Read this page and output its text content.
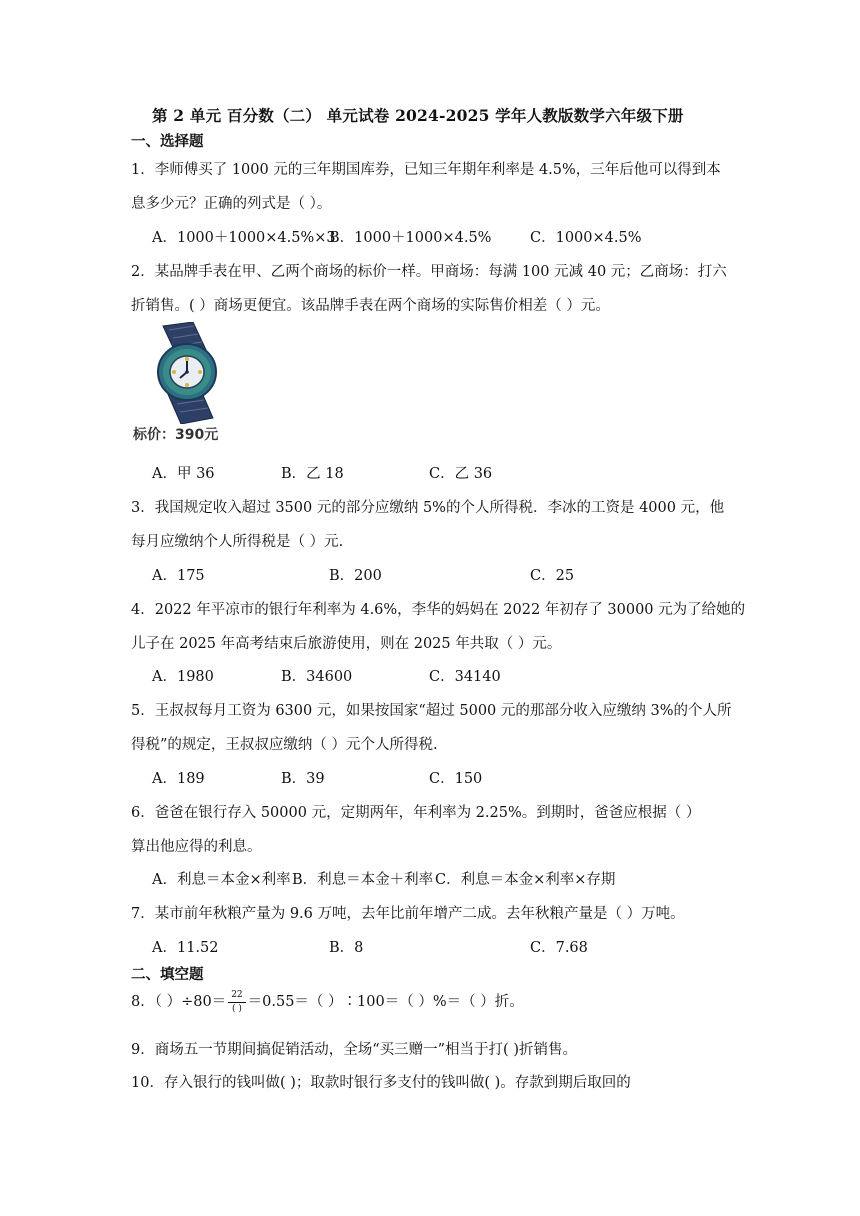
第 2 单元 百分数（二） 单元试卷 2024-2025 学年人教版数学六年级下册
一、选择题
1．李师傅买了 1000 元的三年期国库券，已知三年期年利率是 4.5%，三年后他可以得到本
息多少元？正确的列式是（ ）。
A．1000＋1000×4.5%×3
B．1000＋1000×4.5%	C．1000×4.5%
2．某品牌手表在甲、乙两个商场的标价一样。甲商场：每满 100 元减 40 元；乙商场：打六
折销售。( ）商场更便宜。该品牌手表在两个商场的实际售价相差（ ）元。
标价：390元
A．甲 36	B．乙 18	C．乙 36
3．我国规定收入超过 3500 元的部分应缴纳 5%的个人所得税．李冰的工资是 4000 元，他
每月应缴纳个人所得税是（ ）元.
A．175	B．200	C．25
4．2022 年平凉市的银行年利率为 4.6%，李华的妈妈在 2022 年初存了 30000 元为了给她的
儿子在 2025 年高考结束后旅游使用，则在 2025 年共取（ ）元。
A．1980	B．34600	C．34140
5．王叔叔每月工资为 6300 元，如果按国家“超过 5000 元的那部分收入应缴纳 3%的个人所
得税”的规定，王叔叔应缴纳（ ）元个人所得税.
A．189	B．39	C．150
6．爸爸在银行存入 50000 元，定期两年，年利率为 2.25%。到期时，爸爸应根据（ ）
算出他应得的利息。
A．利息＝本金×利率 B．利息＝本金＋利率 C．利息＝本金×利率×存期
7．某市前年秋粮产量为 9.6 万吨，去年比前年增产二成。去年秋粮产量是（ ）万吨。
A．11.52	B．8	C．7.68
二、填空题
8．（ ）$\div 80= \frac{22}{( )} =0.55=$（ ）∶100＝（ ）%＝（ ）折。
9．商场五一节期间搞促销活动，全场“买三赠一”相当于打( )折销售。
10．存入银行的钱叫做( )；取款时银行多支付的钱叫做( )。存款到期后取回的
